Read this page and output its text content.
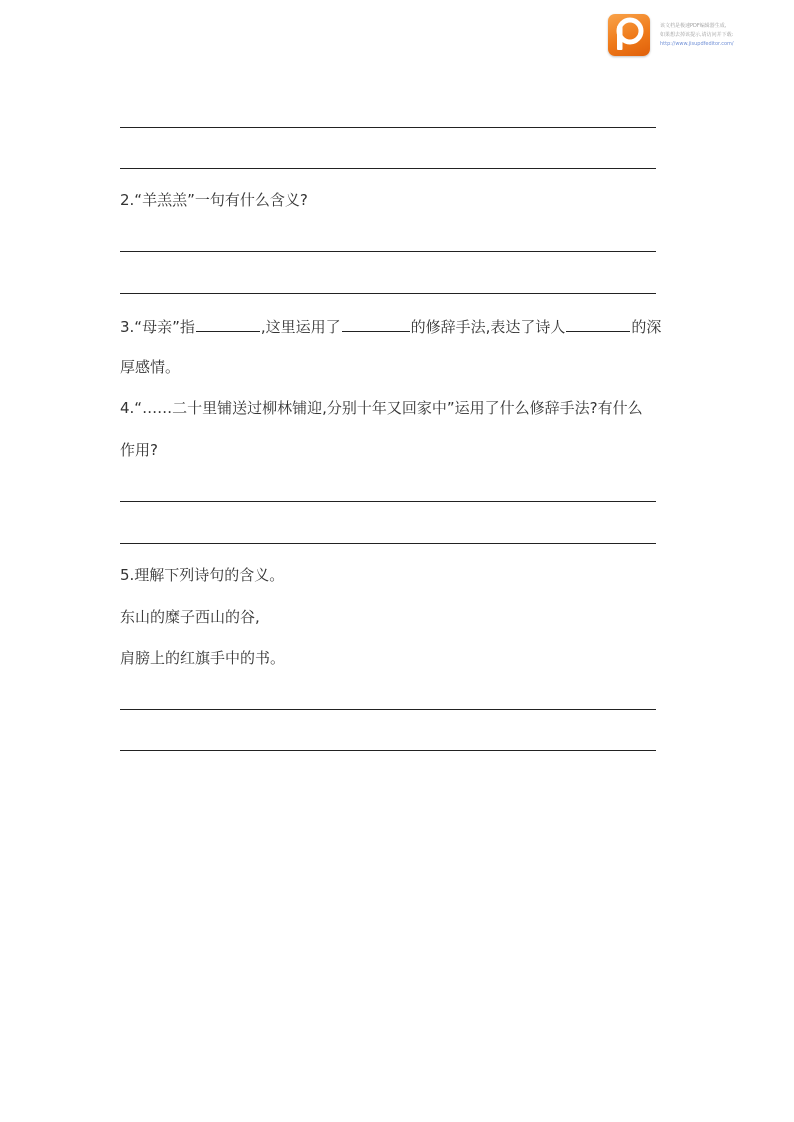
该文档是极速PDF编辑器生成,
如果想去掉该提示,请访问并下载:
http://www.jisupdfeditor.com/
2.“羊羔羔”一句有什么含义?
3.“母亲”指	,这里运用了	的修辞手法,表达了诗人	的深
厚感情。
4.“……二十里铺送过柳林铺迎,分别十年又回家中”运用了什么修辞手法?有什么
作用?
5.理解下列诗句的含义。
东山的糜子西山的谷,
肩膀上的红旗手中的书。
